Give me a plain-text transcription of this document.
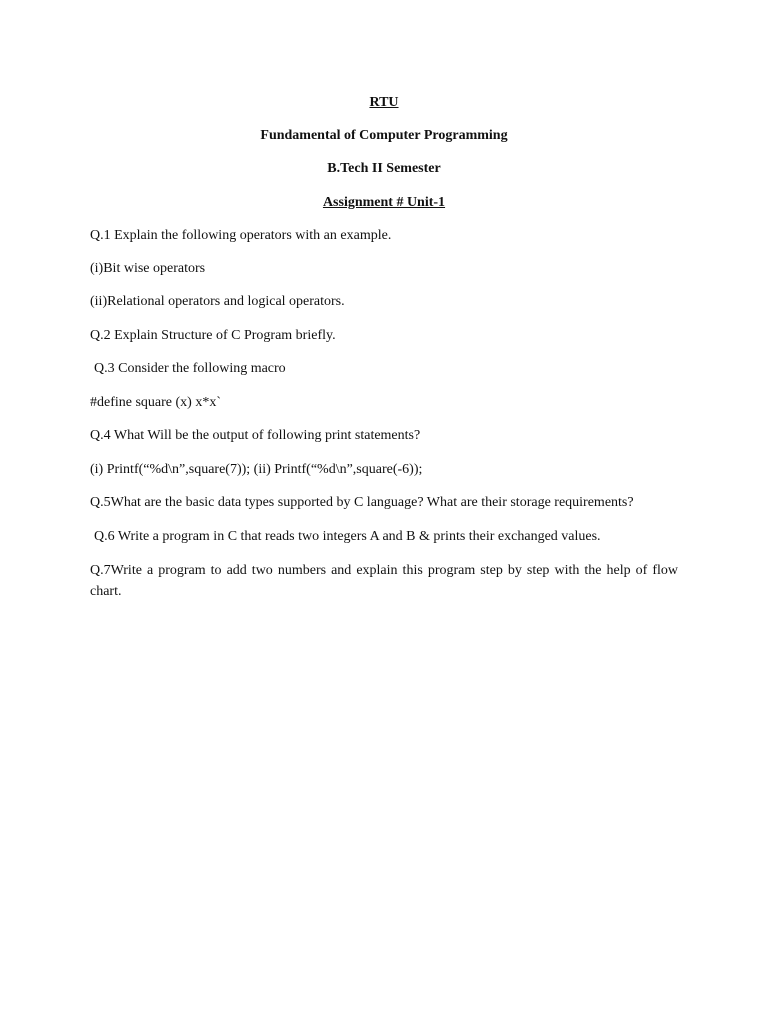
RTU
Fundamental of Computer Programming
B.Tech II Semester
Assignment # Unit-1
Q.1 Explain the following operators with an example.
(i)Bit wise operators
(ii)Relational operators and logical operators.
Q.2 Explain Structure of C Program briefly.
Q.3 Consider the following macro
#define square (x) x*x`
Q.4 What Will be the output of following print statements?
(i) Printf(“%d\n”,square(7)); (ii) Printf(“%d\n”,square(-6));
Q.5What are the basic data types supported by C language? What are their storage requirements?
Q.6 Write a program in C that reads two integers A and B & prints their exchanged values.
Q.7Write a program to add two numbers and explain this program step by step with the help of flow chart.
